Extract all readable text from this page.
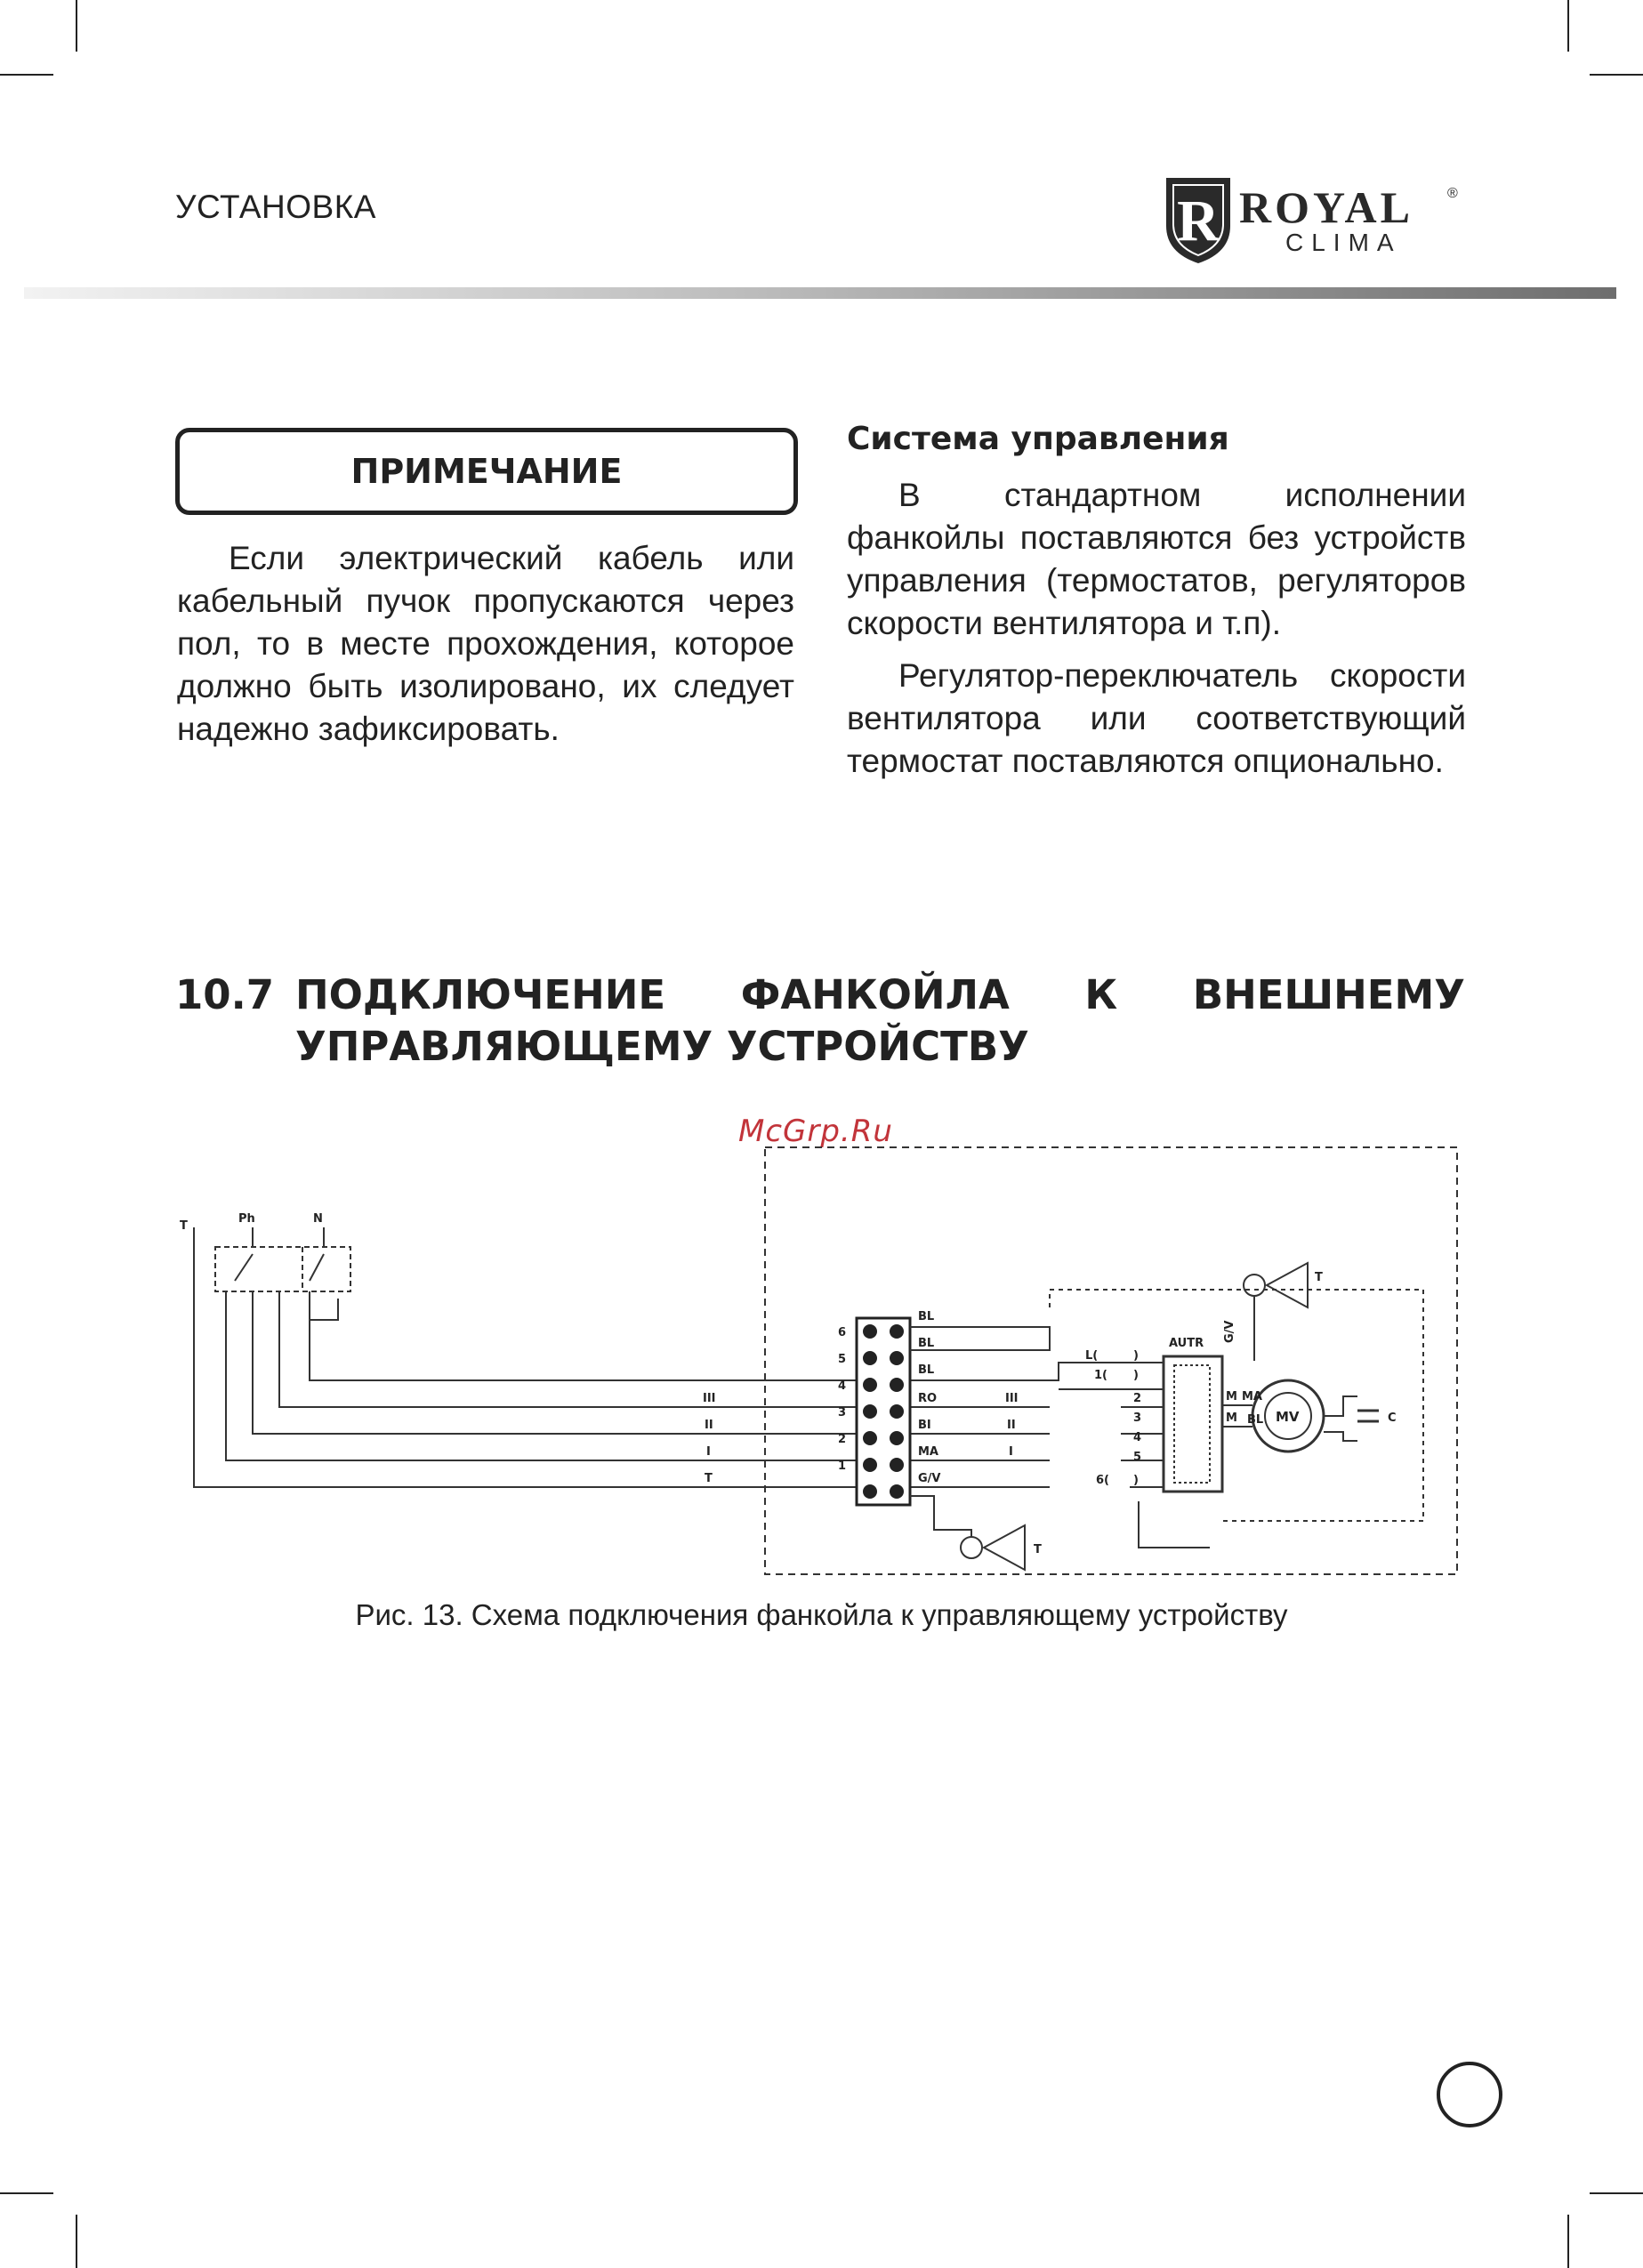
УСТАНОВКА	R ROYAL ®
CLIMA
ПРИМЕЧАНИЕ

Если электрический кабель или кабельный пучок пропускаются через пол, то в месте прохождения, которое должно быть изолировано, их следует надежно зафиксировать.

Система управления

В стандартном исполнении фанкойлы поставляются без устройств управления (термостатов, регуляторов скорости вентилятора и т.п).

Регулятор-переключатель скорости вентилятора или соответствующий термостат поставляются опционально.

10.7 ПОДКЛЮЧЕНИЕ ФАНКОЙЛА К ВНЕШНЕМУ УПРАВЛЯЮЩЕМУ УСТРОЙСТВУ
McGrp.Ru
T
Ph	N
III
II
I
T
6
5
4
3
2
1
BL
BL
BL
RO
BI
MA
G/V
III
II
I
AUTR
L(	)
1( )
2
3
4
5
6( )
M
M
MA
BL MV	C
T
T
G/V
Рис. 13. Схема подключения фанкойла к управляющему устройству
